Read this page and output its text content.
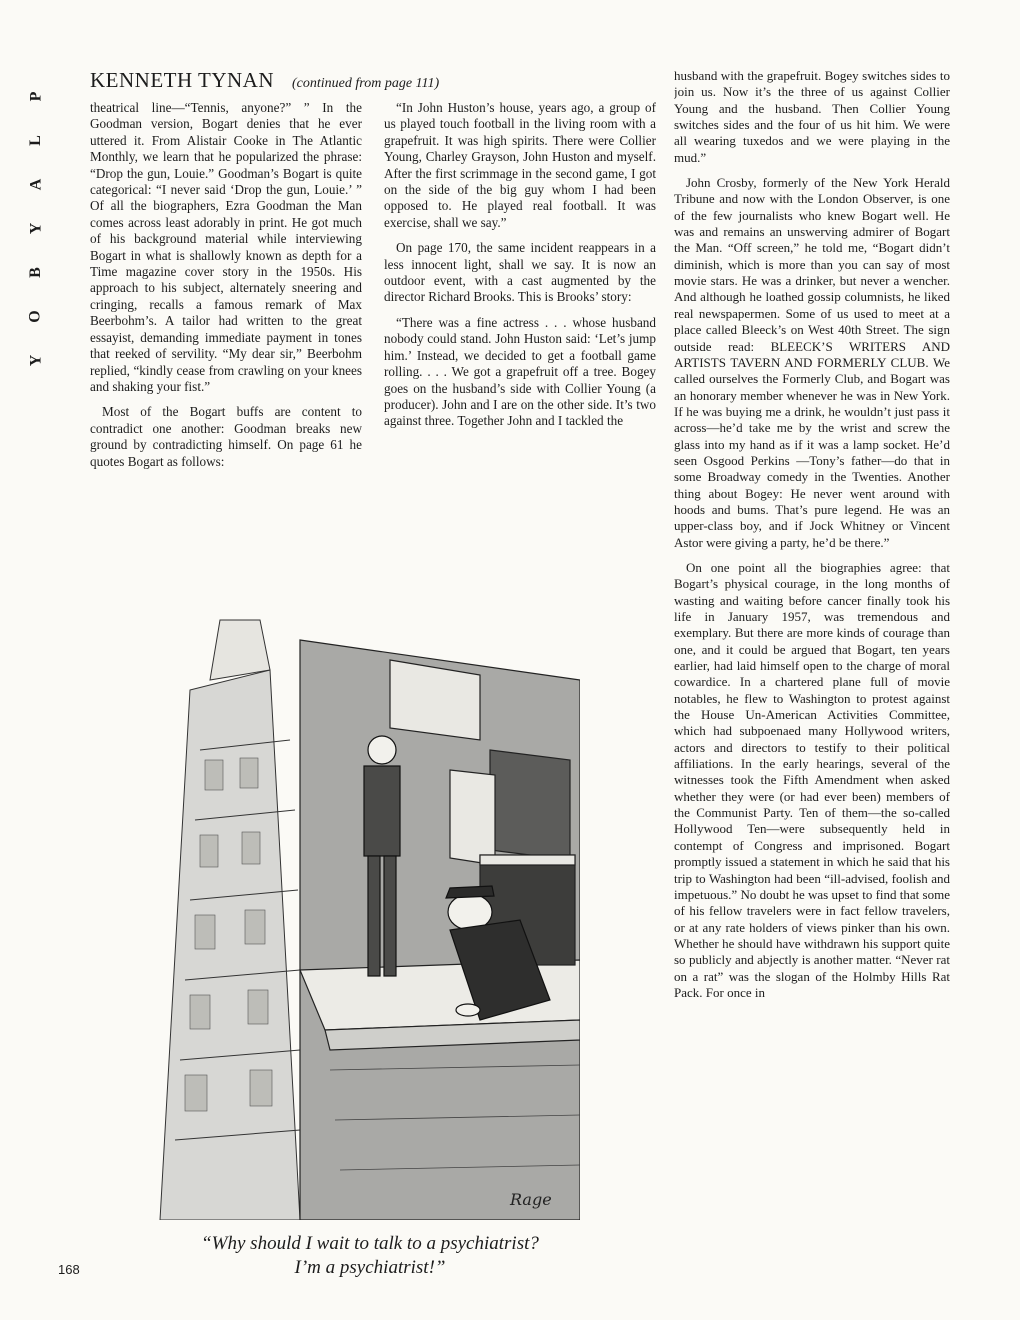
P
L
A
Y
B
O
Y
KENNETH TYNAN (continued from page 111)

theatrical line—“Tennis, anyone?” ” In the Goodman version, Bogart denies that he ever uttered it. From Alistair Cooke in The Atlantic Monthly, we learn that he popularized the phrase: “Drop the gun, Louie.” Goodman’s Bogart is quite categorical: “I never said ‘Drop the gun, Louie.’ ” Of all the biographers, Ezra Goodman the Man comes across least adorably in print. He got much of his background material while interviewing Bogart in what is shallowly known as depth for a Time magazine cover story in the 1950s. His approach to his subject, alternately sneering and cringing, recalls a famous remark of Max Beerbohm’s. A tailor had written to the great essayist, demanding immediate payment in tones that reeked of servility. “My dear sir,” Beerbohm replied, “kindly cease from crawling on your knees and shaking your fist.”

Most of the Bogart buffs are content to contradict one another: Goodman breaks new ground by contradicting himself. On page 61 he quotes Bogart as follows:

“In John Huston’s house, years ago, a group of us played touch football in the living room with a grapefruit. It was high spirits. There were Collier Young, Charley Grayson, John Huston and myself. After the first scrimmage in the second game, I got on the side of the big guy whom I had been opposed to. He played real football. It was exercise, shall we say.”

On page 170, the same incident reappears in a less innocent light, shall we say. It is now an outdoor event, with a cast augmented by the director Richard Brooks. This is Brooks’ story:

“There was a fine actress . . . whose husband nobody could stand. John Huston said: ‘Let’s jump him.’ Instead, we decided to get a football game rolling. . . . We got a grapefruit off a tree. Bogey goes on the husband’s side with Collier Young (a producer). John and I are on the other side. It’s two against three. Together John and I tackled the

husband with the grapefruit. Bogey switches sides to join us. Now it’s the three of us against Collier Young and the husband. Then Collier Young switches sides and the four of us hit him. We were all wearing tuxedos and we were playing in the mud.”

John Crosby, formerly of the New York Herald Tribune and now with the London Observer, is one of the few journalists who knew Bogart well. He was and remains an unswerving admirer of Bogart the Man. “Off screen,” he told me, “Bogart didn’t diminish, which is more than you can say of most movie stars. He was a drinker, but never a wencher. And although he loathed gossip columnists, he liked real newspapermen. Some of us used to meet at a place called Bleeck’s on West 40th Street. The sign outside read: BLEECK’S WRITERS AND ARTISTS TAVERN AND FORMERLY CLUB. We called ourselves the Formerly Club, and Bogart was an honorary member whenever he was in New York. If he was buying me a drink, he wouldn’t just pass it across—he’d take me by the wrist and screw the glass into my hand as if it was a lamp socket. He’d seen Osgood Perkins —Tony’s father—do that in some Broadway comedy in the Twenties. Another thing about Bogey: He never went around with hoods and bums. That’s pure legend. He was an upper-class boy, and if Jock Whitney or Vincent Astor were giving a party, he’d be there.”

On one point all the biographies agree: that Bogart’s physical courage, in the long months of wasting and waiting before cancer finally took his life in January 1957, was tremendous and exemplary. But there are more kinds of courage than one, and it could be argued that Bogart, ten years earlier, had laid himself open to the charge of moral cowardice. In a chartered plane full of movie notables, he flew to Washington to protest against the House Un-American Activities Committee, which had subpoenaed many Hollywood writers, actors and directors to testify to their political affiliations. In the early hearings, several of the witnesses took the Fifth Amendment when asked whether they were (or had ever been) members of the Communist Party. Ten of them—the so-called Hollywood Ten—were subsequently held in contempt of Congress and imprisoned. Bogart promptly issued a statement in which he said that his trip to Washington had been “ill-advised, foolish and impetuous.” No doubt he was upset to find that some of his fellow travelers were in fact fellow travelers, or at any rate holders of views pinker than his own. Whether he should have withdrawn his support quite so publicly and abjectly is another matter. “Never rat on a rat” was the slogan of the Holmby Hills Rat Pack. For once in

Rage
“Why should I wait to talk to a psychiatrist? I’m a psychiatrist!”
168
